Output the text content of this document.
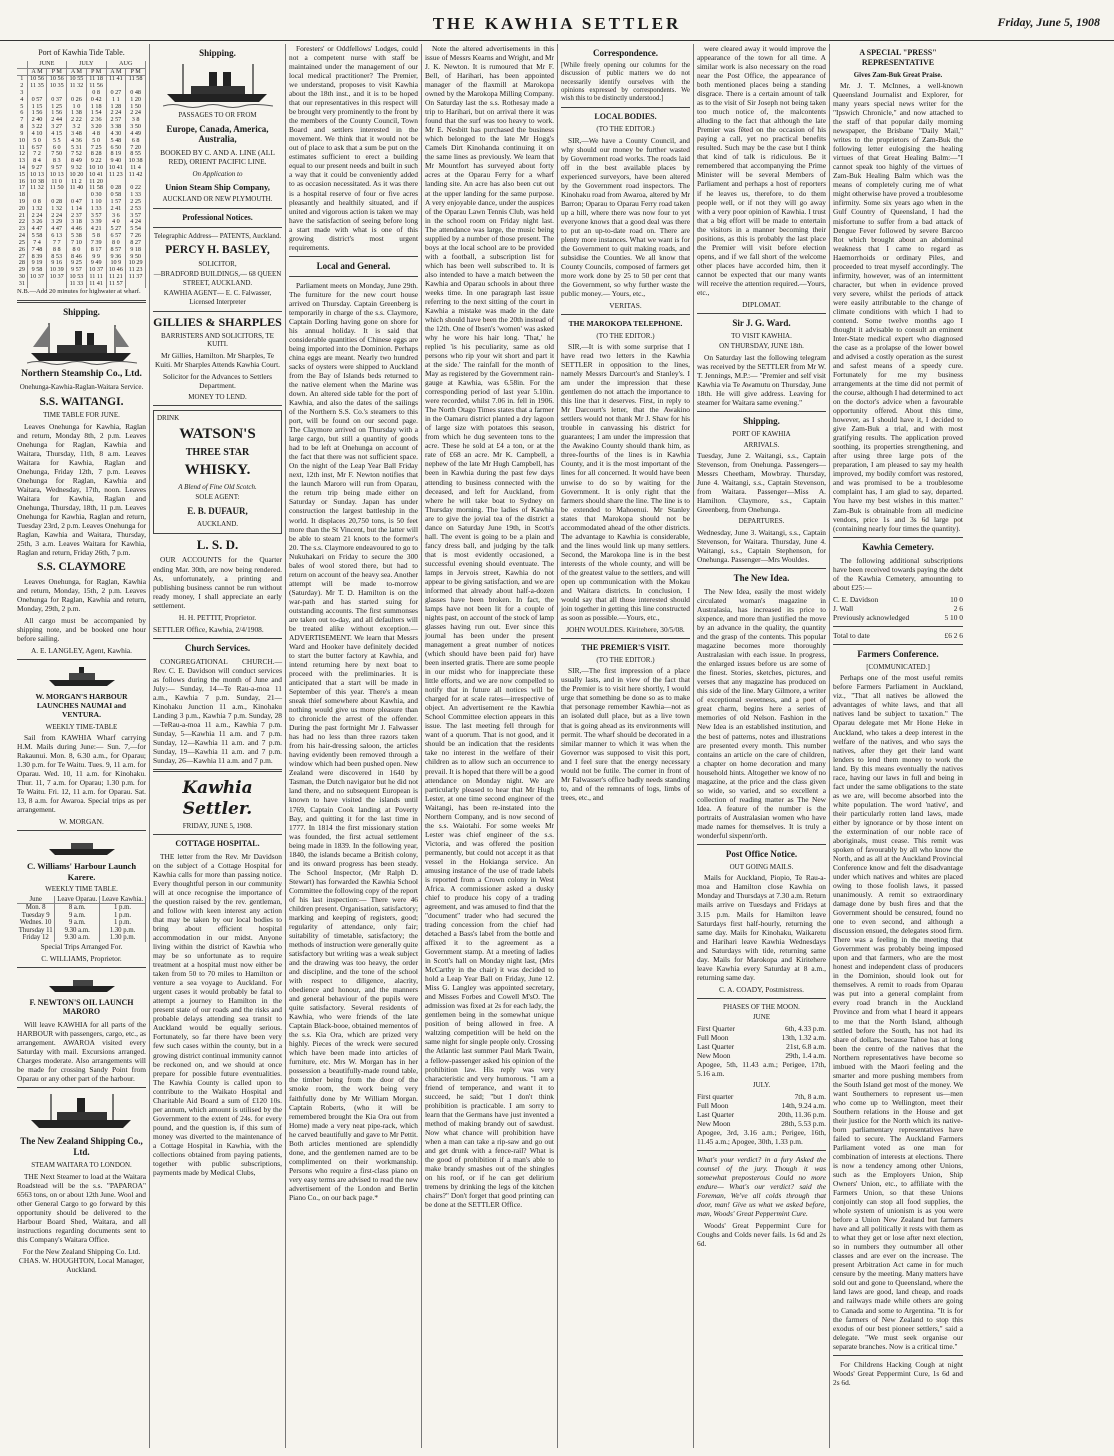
THE KAWHIA SETTLER	Friday, June 5, 1908
Port of Kawhia Tide Table.
	JUNE		JULY		AUG	
	A M	P M	A M	P M	A M	P M
1	10 56	10 56	10 55	11 18	11 41	11 58
2	11 35	10 35	11 32	11 56		
3				0 8	0 27	0 48
4	0 57	0 37	0 26	0 42	1 1	1 20
5	1 15	1 25	1 0	1 18	1 28	1 50
6	1 56	1 56	1 38	1 54	2 24	2 24
7	2 40	2 44	2 22	2 36	2 57	3 8
8	3 22	3 27	3 2	3 20	3 38	3 50
9	4 10	4 15	3 48	4 8	4 30	4 49
10	5 0	5 5	4 36	5 0	5 48	6 8
11	6 57	6 0	5 31	7 25	6 50	7 20
12	7 2	7 50	7 52	8 28	8 19	8 55
13	8 4	8 3	8 49	9 22	9 40	10 38
14	9 27	9 57	9 32	10 10	10 41	11 4
15	10 13	10 13	10 20	10 41	11 23	11 42
16	10 38	11 0	11 2	11 20		
17	11 32	11 50	11 40	11 58	0 28	0 22
18				0 30	0 58	1 33
19	0 8	0 28	0 47	1 10	1 57	2 25
20	1 32	1 32	1 14	1 33	2 41	2 53
21	2 24	2 24	2 37	3 57	3 6	3 57
22	3 26	3 29	3 18	3 39	4 0	4 24
23	4 47	4 47	4 46	4 21	5 27	5 54
24	5 58	6 13	5 38	5 8	6 57	7 26
25	7 4	7 7	7 10	7 39	8 0	8 27
26	7 48	8 8	8 0	8 17	8 57	9 18
27	8 39	8 53	8 46	9 9	9 36	9 50
28	9 19	9 16	9 25	9 49	10 9	10 29
29	9 58	10 39	9 57	10 37	10 46	11 23
30	10 37	10 37	10 53	11 11	11 21	11 37
31			11 33	11 41	11 57	

N.B.—Add 20 minutes for highwater at wharf.

Shipping.
Northern Steamship Co., Ltd.
Onehunga-Kawhia-Raglan-Waitara Service.
S.S. WAITANGI.
TIME TABLE FOR JUNE.

Leaves Onehunga for Kawhia, Raglan and return, Monday 8th, 2 p.m. Leaves Onehunga for Raglan, Kawhia and Waitara, Thursday, 11th, 8 a.m. Leaves Waitara for Kawhia, Raglan and Onehunga, Friday 12th, 7 p.m. Leaves Onehunga for Raglan, Kawhia and Waitara, Wednesday, 17th, noon. Leaves Waitara for Kawhia, Raglan and Onehunga, Thursday, 18th, 11 p.m. Leaves Onehunga for Kawhia, Raglan and return, Tuesday 23rd, 2 p.m. Leaves Onehunga for Raglan, Kawhia and Waitara, Thursday, 25th, 3 a.m. Leaves Waitara for Kawhia, Raglan and return, Friday 26th, 7 p.m.

S.S. CLAYMORE

Leaves Onehunga, for Raglan, Kawhia and return, Monday, 15th, 2 p.m. Leaves Onehunga for Raglan, Kawhia and return, Monday, 29th, 2 p.m.

All cargo must be accompanied by shipping note, and be booked one hour before sailing.

A. E. LANGLEY, Agent, Kawhia.

W. MORGAN'S HARBOUR LAUNCHES NAUMAI and VENTURA.
WEEKLY TIME-TABLE

Sail from KAWHIA Wharf carrying H.M. Mails during June:— Sun. 7,—for Rakaunui. Mon. 8, 6.30 a.m., for Oparau; 1.30 p.m. for Te Waitu. Tues. 9, 11 a.m. for Oparau. Wed. 10, 11 a.m. for Kinohaku. Thur. 11, 7 a.m. for Oparau; 1.30 p.m. for Te Waitu. Fri. 12, 11 a.m. for Oparau. Sat. 13, 8 a.m. for Awaroa. Special trips as per arrangement.

W. MORGAN.

C. Williams' Harbour Launch Karere.
WEEKLY TIME TABLE.
June	Leave Oparau.	Leave Kawhia.
Mon. 8	8 a.m.	1 p.m.
Tuesday 9	9 a.m.	1 p.m.
Wednes. 10	9 a.m.	1 p.m.
Thursday 11	9.30 a.m.	1.30 p.m.
Friday 12	9.30 a.m.	1.30 p.m.

Special Trips Arranged For.

C. WILLIAMS, Proprietor.

F. NEWTON'S OIL LAUNCH MARORO

Will leave KAWHIA for all parts of the HARBOUR with passengers, cargo, etc., as arrangement. AWAROA visited every Saturday with mail. Excursions arranged. Charges moderate. Also arrangements will be made for crossing Sandy Point from Oparau or any other part of the harbour.

The New Zealand Shipping Co., Ltd.
STEAM WAITARA TO LONDON.

THE Next Steamer to load at the Waitara Roadstead will be the s.s. "PAPAROA" 6563 tons, on or about 12th June. Wool and other General Cargo to go forward by this opportunity should be delivered to the Harbour Board Shed, Waitara, and all instructions regarding documents sent to this Company's Waitara Office.

For the New Zealand Shipping Co. Ltd. CHAS. W. HOUGHTON, Local Manager, Auckland.

Shipping.
PASSAGES TO OR FROM
Europe, Canada, America, Australia,

BOOKED BY C. AND A. LINE (ALL RED), ORIENT PACIFIC LINE.

On Application to
Union Steam Ship Company,
AUCKLAND OR NEW PLYMOUTH.
Professional Notices.
Telegraphic Address— PATENTS, Auckland.
PERCY H. BASLEY,
SOLICITOR,
—BRADFORD BUILDINGS,— 68 QUEEN STREET, AUCKLAND.
KAWHIA AGENT— E. C. Falwasser, Licensed Interpreter
GILLIES & SHARPLES
BARRISTERS AND SOLICITORS, TE KUITI.

Mr Gillies, Hamilton. Mr Sharples, Te Kuiti. Mr Sharples Attends Kawhia Court.

Solicitor for the Advances to Settlers Department.

MONEY TO LEND.
DRINK
WATSON'S
THREE STAR
WHISKY.
A Blend of Fine Old Scotch.
SOLE AGENT:
E. B. DUFAUR,
AUCKLAND.
L. S. D.

OUR ACCOUNTS for the Quarter ending Mar. 30th, are now being rendered. As, unfortunately, a printing and publishing business cannot be run without ready money, I shall appreciate an early settlement.

H. H. PETTIT, Proprietor.

SETTLER Office, Kawhia, 2/4/1908.

Church Services.

CONGREGATIONAL CHURCH.—Rev. C. E. Davidson will conduct services as follows during the month of June and July:— Sunday, 14—Te Rau-a-moa 11 a.m., Kawhia 7 p.m. Sunday, 21—Kinohaku Junction 11 a.m., Kinohaku Landing 3 p.m., Kawhia 7 p.m. Sunday, 28—TeRau-a-moa 11 a.m., Kawhia 7 p.m. Sunday, 5—Kawhia 11 a.m. and 7 p.m. Sunday, 12—Kawhia 11 a.m. and 7 p.m. Sunday, 19—Kawhia 11 a.m. and 7 p.m. Sunday, 26—Kawhia 11 a.m. and 7 p.m.

Kawhia Settler.
FRIDAY, JUNE 5, 1908.
COTTAGE HOSPITAL.

THE letter from the Rev. Mr Davidson on the subject of a Cottage Hospital for Kawhia calls for more than passing notice. Every thoughtful person in our community will at once recognise the importance of the question raised by the rev. gentleman, and follow with keen interest any action that may be taken by our local bodies to bring about efficient hospital accommodation in our midst. Anyone living within the district of Kawhia who may be so unfortunate as to require treatment at a hospital must now either be taken from 50 to 70 miles to Hamilton or venture a sea voyage to Auckland. For urgent cases it would probably be fatal to attempt a journey to Hamilton in the present state of our roads and the risks and probable delays attending sea transit to Auckland would be equally serious. Fortunately, so far there have been very few such cases within the county, but in a growing district continual immunity cannot be reckoned on, and we should at once prepare for possible future eventualities. The Kawhia County is called upon to contribute to the Waikato Hospital and Charitable Aid Board a sum of £120 10s. per annum, which amount is utilised by the Government to the extent of 24s. for every pound, and the question is, if this sum of money was diverted to the maintenance of a Cottage Hospital in Kawhia, with the collections obtained from paying patients, together with public subscriptions, payments made by Medical Clubs,

Foresters' or Oddfellows' Lodges, could not a competent nurse with staff be maintained under the management of our local medical practitioner? The Premier, we understand, proposes to visit Kawhia about the 18th inst., and it is to be hoped that our representatives in this respect will be brought very prominently to the front by the members of the County Council, Town Board and settlers interested in the movement. We think that it would not be out of place to ask that a sum be put on the estimates sufficient to erect a building equal to our present needs and built in such a way that it could be conveniently added to as occasion necessitated. As it was there is a hospital reserve of four or five acres pleasantly and healthily situated, and if united and vigorous action is taken we may have the satisfaction of seeing before long a start made with what is one of this growing district's most urgent requirements.

Local and General.

Parliament meets on Monday, June 29th. The furniture for the new court house arrived on Thursday. Captain Greenberg is temporarily in charge of the s.s. Claymore, Captain Dorling having gone on shore for his annual holiday. It is said that considerable quantities of Chinese eggs are being imported into the Dominion. Perhaps china eggs are meant. Nearly two hundred sacks of oysters were shipped to Auckland from the Bay of Islands beds returned to the native element when the Marine was down. An altered side table for the port of Kawhia, and also the dates of the sailings of the Northern S.S. Co.'s steamers to this port, will be found on our second page. The Claymore arrived on Thursday with a large cargo, but still a quantity of goods had to be left at Onehunga on account of the fact that there was not sufficient space. On the night of the Leap Year Ball Friday next, 12th inst, Mr F. Newton notifies that the launch Maroro will run from Oparau, the return trip being made either on Saturday or Sunday. Japan has under construction the largest battleship in the world. It displaces 20,750 tons, is 50 feet more than the St Vincent, but the latter will be able to steam 21 knots to the former's 20. The s.s. Claymore endeavoured to go to Nukuhakari on Friday to secure the 300 bales of wool stored there, but had to return on account of the heavy sea. Another attempt will be made to-morrow (Saturday). Mr T. D. Hamilton is on the war-path and has started suing for outstanding accounts. The first summonses are taken out to-day, and all defaulters will be treated alike without exception.—ADVERTISEMENT. We learn that Messrs Ward and Hooker have definitely decided to start the butter factory at Kawhia, and intend returning here by next boat to proceed with the preliminaries. It is anticipated that a start will be made in September of this year. There's a mean sneak thief somewhere about Kawhia, and nothing would give us more pleasure than to chronicle the arrest of the offender. During the past fortnight Mr J. Falwasser has had no less than three razors taken from his hair-dressing saloon, the articles having evidently been removed through a window which had been pushed open. New Zealand were discovered in 1640 by Tasman, the Dutch navigator but he did not land there, and no subsequent European is known to have visited the islands until 1769, Captain Cook landing at Poverty Bay, and quitting it for the last time in 1777. In 1814 the first missionary station was founded, the first actual settlement being made in 1839. In the following year, 1840, the islands became a British colony, and its onward progress has been steady. The School Inspector, (Mr Ralph D. Stewart) has forwarded the Kawhia School Committee the following copy of the report of his last inspection:— There were 46 children present. Organisation, satisfactory; marking and keeping of registers, good; regularity of attendance, only fair; suitability of timetable, satisfactory; the methods of instruction were generally quite satisfactory but writing was a weak subject and the drawing was too heavy, the order and discipline, and the tone of the school with respect to diligence, alacrity, obedience and honour, and the manners and general behaviour of the pupils were quite satisfactory. Several residents of Kawhia, who were friends of the late Captain Black-booe, obtained mementos of the s.s. Kia Ora, which are prized very highly. Pieces of the wreck were secured which have been made into articles of furniture, etc. Mrs W. Morgan has in her possession a beautifully-made round table, the timber being from the door of the smoke room, the work being very faithfully done by Mr William Morgan. Captain Roberts, (who it will be remembered brought the Kia Ora out from Home) made a very neat pipe-rack, which he carved beautifully and gave to Mr Pettit. Both articles mentioned are splendidly done, and the gentlemen named are to be complimented on their workmanship. Persons who require a first-class piano on very easy terms are advised to read the new advertisement of the London and Berlin Piano Co., on our back page.*

Note the altered advertisements in this issue of Messrs Kearns and Wright, and Mr J. K. Newton. It is rumoured that Mr F. Bell, of Harihari, has been appointed manager of the flaxmill at Marokopa owned by the Marokopa Milling Company. On Saturday last the s.s. Rothesay made a trip to Harihari, but on arrival there it was found that the surf was too heavy to work. Mr E. Nesbitt has purchased the business which belonged to the late Mr Hogg's Camels Dirt Kinohanda continuing it on the same lines as previously. We learn that Mr Mountfort has surveyed about forty acres at the Oparau Ferry for a wharf landing site. An acre has also been cut out at the upper landing for the same purpose. A very enjoyable dance, under the auspices of the Oparau Lawn Tennis Club, was held in the school room on Friday night last. The attendance was large, the music being supplied by a number of those present. The boys at the local school are to be provided with a football, a subscription list for which has been well subscribed to. It is also intended to have a match between the Kawhia and Oparau schools in about three weeks time. In one paragraph last issue referring to the next sitting of the court in Kawhia a mistake was made in the date which should have been the 20th instead of the 12th. One of Ibsen's 'women' was asked why he wore his hair long. 'That,' he replied 'is his peculiarity, same as old persons who rip your wit short and part it at the side.' The rainfall for the month of May as registered by the Government rain-gauge at Kawhia, was 6.58in. For the corresponding period of last year 5.10in. were recorded, whilst 7.06 in. fell in 1906. The North Otago Times states that a farmer in the Oamaru district planted a dry lagoon of large size with potatoes this season, from which he dug seventeen tons to the acre. These he sold at £4 a ton, or at the rate of £68 an acre. Mr K. Campbell, a nephew of the late Mr Hugh Campbell, has been in Kawhia during the past few days attending to business connected with the deceased, and left for Auckland, from where he will take boat to Sydney on Thursday morning. The ladies of Kawhia are to give the jovial tea of the district a dance on Saturday June 19th, in Scott's hall. The event is going to be a plain and fancy dress ball, and judging by the talk that is most evidently occasioned, a successful evening should eventuate. The lamps in Jervois street, Kawhia do not appear to be giving satisfaction, and we are informed that already about half-a-dozen glasses have been broken. In fact, the lamps have not been lit for a couple of nights past, on account of the stock of lamp glasses having run out. Ever since this journal has been under the present management a great number of notices (which should have been paid for) have been inserted gratis. There are some people in our midst who for inappreciate these little efforts, and we are now compelled to notify that in future all notices will be charged for at scale rates—irrespective of object. An advertisement re the Kawhia School Committee election appears in this issue. The last meeting fell through for want of a quorum. That is not good, and it should be an indication that the residents take no interest in the welfare of their children as to allow such an occurrence to prevail. It is hoped that there will be a good attendance on Monday night. We are particularly pleased to hear that Mr Hugh Lester, at one time second engineer of the Waitangi, has been re-instated into the Northern Company, and is now second of the s.s. Waiotahi. For some weeks Mr Lester was chief engineer of the s.s. Victoria, and was offered the position permanently, but could not accept it as that vessel in the Hokianga service. An amusing instance of the use of trade labels is reported from a Crown colony in West Africa. A commissioner asked a dusky chief to produce his copy of a trading agreement, and was amused to find that the "document" trader who had secured the trading concession from the chief had detached a Bass's label from the bottle and affixed it to the agreement as a Government stamp. At a meeting of ladies in Scott's hall on Monday night last, (Mrs McCarthy in the chair) it was decided to hold a Leap Year Ball on Friday, June 12. Miss G. Langley was appointed secretary, and Misses Forbes and Cowell M'sO. The admission was fixed at 2s for each lady, the gentlemen being in the somewhat unique position of being allowed in free. A waltzing competition will be held on the same night for single people only. Crossing the Atlantic last summer Paul Mark Twain, a fellow-passenger asked his opinion of the prohibition law. His reply was very characteristic and very humorous. "I am a friend of temperance, and want it to succeed, he said; "but I don't think prohibition is practicable. I am sorry to learn that the Germans have just invented a method of making brandy out of sawdust. Now what chance will prohibition have when a man can take a rip-saw and go out and get drunk with a fence-rail? What is the good of prohibition if a man's able to make brandy smashes out of the shingles on his roof, or if he can get delirium tremens by drinking the legs of the kitchen chairs?" Don't forget that good printing can be done at the SETTLER Office.

Correspondence.

[While freely opening our columns for the discussion of public matters we do not necessarily identify ourselves with the opinions expressed by correspondents. We wish this to be distinctly understood.]

LOCAL BODIES.
(TO THE EDITOR.)

SIR,—We have a County Council, and why should our money be further wasted by Government road works. The roads laid off in the best available places by experienced surveyors, have been altered by the Government road inspectors. The Kinohaku road from Awaroa, altered by Mr Barron; Oparau to Oparau Ferry road taken up a hill, where there was now four to yet everyone knows that a good deal was there to put an up-to-date road on. There are plenty more instances. What we want is for the Government to quit making roads, and subsidise the Counties. We all know that County Councils, composed of farmers get more work done by 25 to 50 per cent that the Government, so why further waste the public money.— Yours, etc.,

VERITAS.

THE MAROKOPA TELEPHONE.
(TO THE EDITOR.)

SIR,—It is with some surprise that I have read two letters in the Kawhia SETTLER in opposition to the lines, namely Messrs Darcourt's and Stanley's. I am under the impression that these gentlemen do not attach the importance to this line that it deserves. First, in reply to Mr Darcourt's letter, that the Awakino settlers would not thank Mr J. Shaw for his trouble in canvassing his district for guarantees; I am under the impression that the Awakino County should thank him, as three-fourths of the lines is in Kawhia County, and it is the most important of the lines for all concerned. It would have been unwise to do so by waiting for the Government. It is only right that the farmers should share the line. The line is to be extended to Mahoenui. Mr Stanley states that Marokopa should not be accommodated ahead of the other districts. The advantage to Kawhia is considerable, and the lines would link up many settlers. Second, the Marokopa line is in the best interests of the whole county, and will be of the greatest value to the settlers, and will open up communication with the Mokau and Waitara districts. In conclusion, I would say that all those interested should join together in getting this line constructed as soon as possible.—Yours, etc.,

JOHN WOULDES. Kiritehere, 30/5/08.

THE PREMIER'S VISIT.
(TO THE EDITOR.)

SIR,—The first impression of a place usually lasts, and in view of the fact that the Premier is to visit here shortly, I would urge that something be done so as to make that personage remember Kawhia—not as an isolated dull place, but as a live town that is going ahead as its environments will permit. The wharf should be decorated in a similar manner to which it was when the Governor was supposed to visit this port, and I feel sure that the energy necessary would not be futile. The corner in front of Mr Falwasser's office badly needs standing to, and of the remnants of logs, limbs of trees, etc., and

were cleared away it would improve the appearance of the town for all time. A similar work is also necessary on the road near the Post Office, the appearance of both mentioned places being a standing disgrace. There is a certain amount of talk as to the visit of Sir Joseph not being taken too much notice of, the malcontents alluding to the fact that although the late Premier was fêted on the occasion of his paying a call, yet no practical benefits resulted. Such may be the case but I think that kind of talk is ridiculous. Be it remembered that accompanying the Prime Minister will be several Members of Parliament and perhaps a host of reporters if he leaves us, therefore, to do them people well, or if not they will go away with a very poor opinion of Kawhia. I trust that a big effort will be made to entertain the visitors in a manner becoming their positions, as this is probably the last place the Premier will visit before election opens, and if we fall short of the welcome other places have accorded him, then it cannot be expected that our many wants will receive the attention required.—Yours, etc.,

DIPLOMAT.

Sir J. G. Ward.
TO VISIT KAWHIA.
ON THURSDAY, JUNE 18th.

On Saturday last the following telegram was received by the SETTLER from Mr W. T. Jennings, M.P.:— "Premier and self visit Kawhia via Te Awamutu on Thursday, June 18th. He will give address. Leaving for steamer for Waitara same evening."

Shipping.
PORT OF KAWHIA
ARRIVALS.

Tuesday, June 2. Waitangi, s.s., Captain Stevenson, from Onehunga. Passengers—Messrs Cheetham, Mowbray. Thursday, June 4. Waitangi, s.s., Captain Stevenson, from Waitara. Passenger—Miss A. Hamilton. Claymore, s.s., Captain Greenberg, from Onehunga.

DEPARTURES.

Wednesday, June 3. Waitangi, s.s., Captain Stevenson, for Waitara. Thursday, June 4. Waitangi, s.s., Captain Stephenson, for Onehunga. Passenger—Mrs Wouldes.

The New Idea.

The New Idea, easily the most widely circulated woman's magazine in Australasia, has increased its price to sixpence, and more than justified the move by an advance in the quality, the quantity and the grasp of the contents. This popular magazine becomes more thoroughly Australasian with each issue. In progress, the enlarged issues before us are some of the finest. Stories, sketches, pictures, and verses that any magazine has produced on this side of the line. Mary Gilmore, a writer of exceptional sweetness, and a poet of great charm, begins here a series of memories of old Nelson. Fashion in the New Idea is an established institution, and the best of patterns, notes and illustrations are presented every month. This number contains an article on the care of children, a chapter on home decoration and many household hints. Altogether we know of no magazine, at the price and the class given so wide, so varied, and so excellent a collection of reading matter as The New Idea. A feature of the number is the portraits of Australasian women who have made names for themselves. It is truly a wonderful sixpenn'orth.

Post Office Notice.
OUT GOING MAILS.

Mails for Auckland, Piopio, Te Rau-a-moa and Hamilton close Kawhia on Monday and Thursdays at 7.30 a.m. Return mails arrive on Tuesdays and Fridays at 3.15 p.m. Mails for Hamilton leave Saturdays first half-hourly, returning the same day. Mails for Kinohaku, Waikaretu and Harihari leave Kawhia Wednesdays and Saturdays with tide, returning same day. Mails for Marokopa and Kiritehere leave Kawhia every Saturday at 8 a.m., returning same day.

C. A. COADY, Postmistress.

PHASES OF THE MOON.
JUNE
First Quarter	6th, 4.33 p.m.
Full Moon	13th, 1.32 a.m.
Last Quarter	21st, 6.8 a.m.
New Moon	29th, 1.4 a.m.

Apogee, 5th, 11.43 a.m.; Perigee, 17th, 5.16 a.m.

JULY.
First quarter	7th, 8 a.m.
Full Moon	14th, 9.24 a.m.
Last Quarter	20th, 11.36 p.m.
New Moon	28th, 5.53 p.m.

Apogee, 3rd, 3.16 a.m.; Perigee, 16th, 11.45 a.m.; Apogee, 30th, 1.33 p.m.

What's your verdict? in a fury Asked the counsel of the jury. Though it was somewhat preposterous Could no more endure— What's our verdict? said the Foreman, We've all colds through that door, man! Give us what we asked before, man, Woods' Great Peppermint Cure.

Woods' Great Peppermint Cure for Coughs and Colds never fails. 1s 6d and 2s 6d.

A SPECIAL "PRESS" REPRESENTATIVE
Gives Zam-Buk Great Praise.

Mr. J. T. McInnes, a well-known Queensland Journalist and Explorer, for many years special news writer for the "Ipswich Chronicle," and now attached to the staff of that popular daily morning newspaper, the Brisbane "Daily Mail," writes to the proprietors of Zam-Buk the following letter eulogising the healing virtues of that Great Healing Balm:—"I cannot speak too highly of the virtues of Zam-Buk Healing Balm which was the means of completely curing me of what might otherwise have proved a troublesome infirmity. Some six years ago when in the Gulf Country of Queensland, I had the misfortune to suffer from a bad attack of Dengue Fever followed by severe Barcoo Rot which brought about an abdominal weakness that I came to regard as Haemorrhoids or ordinary Piles, and proceeded to treat myself accordingly. The infirmity, however, was of an intermittent character, but when in evidence proved very severe, whilst the periods of attack were easily attributable to the change of climate conditions with which I had to contend. Some twelve months ago I thought it advisable to consult an eminent Inter-State medical expert who diagnosed the case as a prolapse of the lower bowel and advised a costly operation as the surest and safest means of a speedy cure. Fortunately for me my business arrangements at the time did not permit of the course, although I had determined to act on the doctor's advice when a favourable opportunity offered. About this time, however, as I should have it, I decided to give Zam-Buk a trial, and with most gratifying results. The application proved soothing, its properties strengthening, and after using three large pots of the preparation, I am pleased to say my health improved, my bodily comfort was restored, and was promised to be a troublesome complaint has, I am glad to say, departed. You have my best wishes in this matter." Zam-Buk is obtainable from all medicine vendors, price 1s and 3s 6d large pot (containing nearly four times the quantity).

Kawhia Cemetery.

The following additional subscriptions have been received towards paying the debt of the Kawhia Cemetery, amounting to about £25:—

C. E. Davidson	10 0
J. Wall	2 6
Previously acknowledged	5 10 0
Total to date	£6 2 6
Farmers Conference.
[COMMUNICATED.]

Perhaps one of the most useful remits before Farmers Parliament in Auckland, viz., "That all natives be allowed the advantages of white laws, and that all natives land be subject to taxation." The Oparau delegate met Mr Hone Heke in Auckland, who takes a deep interest in the welfare of the natives, and who says the natives, after they get their land want lenders to lend them money to work the land. By this means eventually the natives race, having our laws in full and being in fact under the same obligations to the state as we are, will become absorbed into the white population. The word 'native', and their particularly rotten land laws, made either by ignorance or by those intent on the extermination of our noble race of aboriginals, must cease. This remit was spoken of favourably by all who know the North, and as all at the Auckland Provincial Conference know and felt the disadvantage under which natives and whites are placed owing to those foolish laws, it passed unanimously. A remit so extraordinary damage done by bush fires and that the Government should be censured, found no one to even second, and although a discussion ensued, the delegates stood firm. There was a feeling in the meeting that Government was probably being imposed upon and that farmers, who are the most honest and independent class of producers in the Dominion, should look out for themselves. A remit to roads from Oparau was put into a general complaint from every road branch in the Auckland Province and from what I heard it appears to me that the North Island, although settled before the South, has not had its share of dollars, because Tahoe has at long been the centre of the natives that the Northern representatives have become so imbued with the Maori feeling and the smarter and more pushing members from the South Island get most of the money. We want Southerners to represent us—men who come up to Wellington, meet their Southern relations in the House and get their justice for the North which its native-born parliamentary representatives have failed to secure. The Auckland Farmers Parliament voted as one man for combination of interests at elections. There is now a tendency among other Unions, such as the Employers Union, Ship Owners' Union, etc., to affiliate with the Farmers Union, so that these Unions conjointly can stop all food supplies, the whole system of unionism is as you were before a Union New Zealand but farmers have and all politically it rests with them as to what they get or lose after next election, so in numbers they outnumber all other classes and are ever on the increase. The present Arbitration Act came in for much censure by the meeting. Many matters have sold out and gone to Queensland, where the land laws are good, land cheap, and roads and railways made while others are going to Canada and some to Argentina. "It is for the farmers of New Zealand to stop this exodus of our best pioneer settlers," said a delegate. "We must seek organise our separate branches. Now is a critical time."

For Childrens Hacking Cough at night Woods' Great Peppermint Cure, 1s 6d and 2s 6d.
